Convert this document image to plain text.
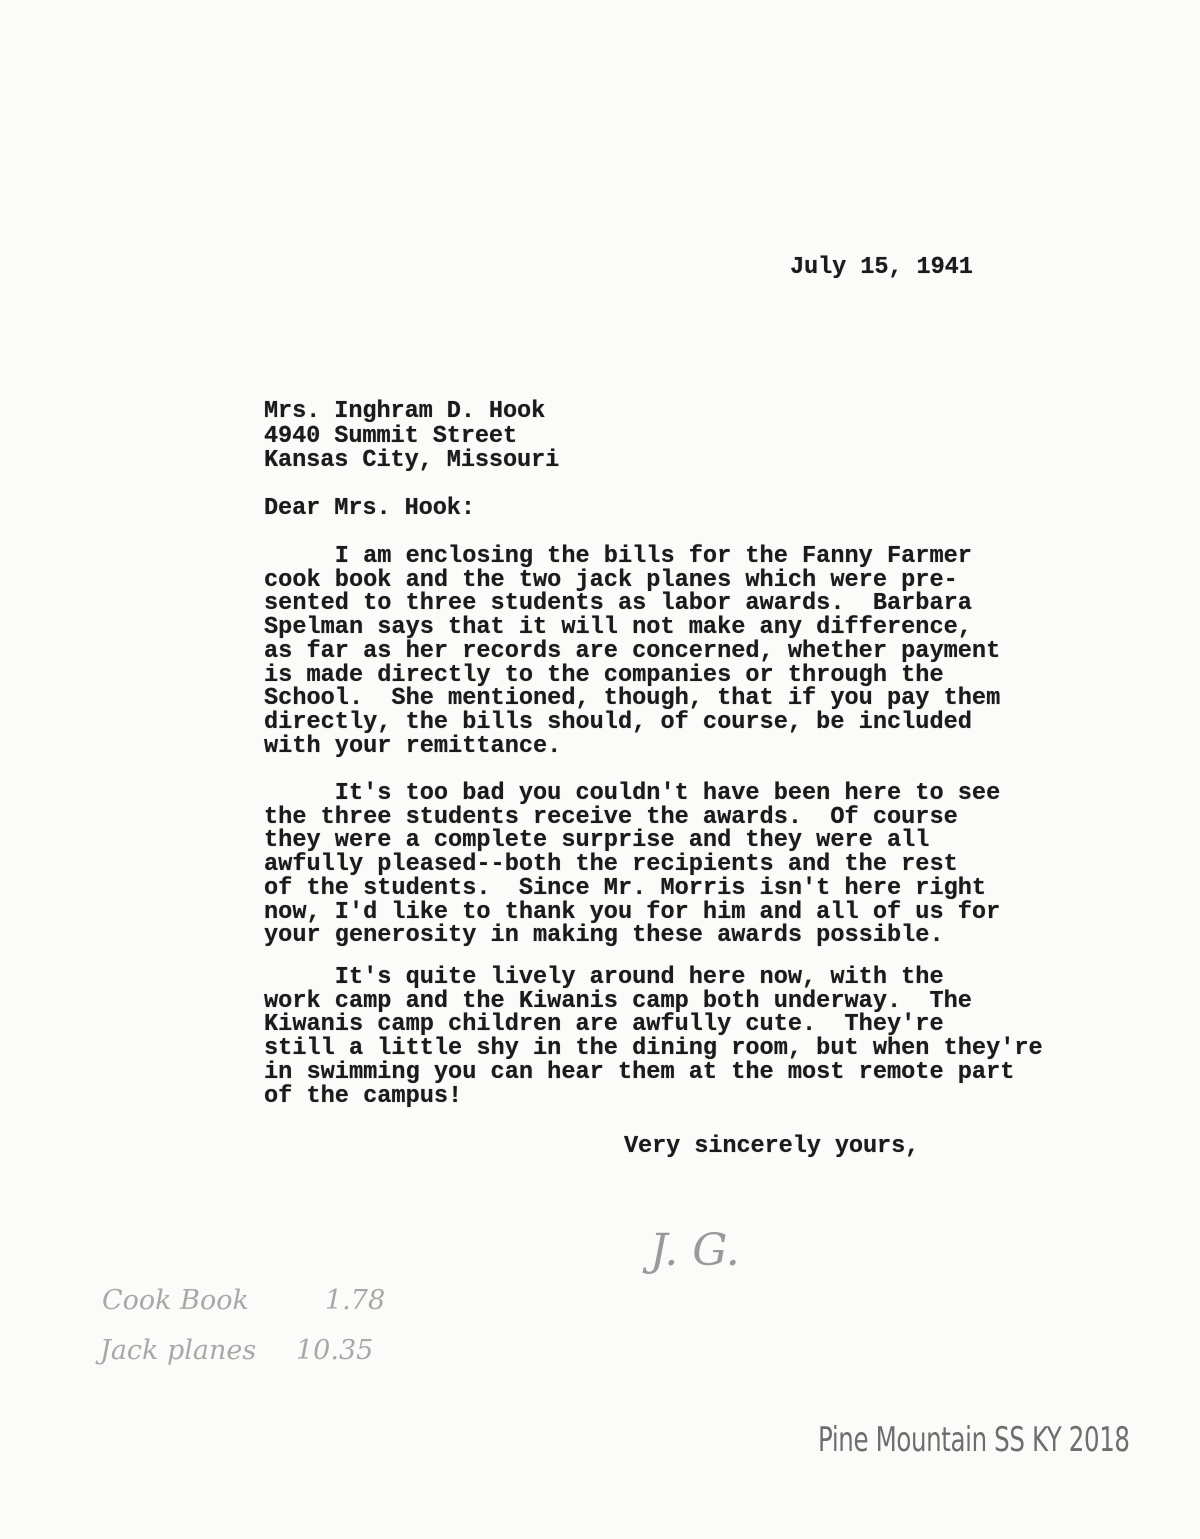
July 15, 1941
Mrs. Inghram D. Hook
4940 Summit Street
Kansas City, Missouri
Dear Mrs. Hook:
I am enclosing the bills for the Fanny Farmer
cook book and the two jack planes which were pre-
sented to three students as labor awards.  Barbara
Spelman says that it will not make any difference,
as far as her records are concerned, whether payment
is made directly to the companies or through the
School.  She mentioned, though, that if you pay them
directly, the bills should, of course, be included
with your remittance.
It's too bad you couldn't have been here to see
the three students receive the awards.  Of course
they were a complete surprise and they were all
awfully pleased--both the recipients and the rest
of the students.  Since Mr. Morris isn't here right
now, I'd like to thank you for him and all of us for
your generosity in making these awards possible.
It's quite lively around here now, with the
work camp and the Kiwanis camp both underway.  The
Kiwanis camp children are awfully cute.  They're
still a little shy in the dining room, but when they're
in swimming you can hear them at the most remote part
of the campus!
Very sincerely yours,
J. G.
Cook Book	1.78
Jack planes 10.35
Pine Mountain SS KY 2018
